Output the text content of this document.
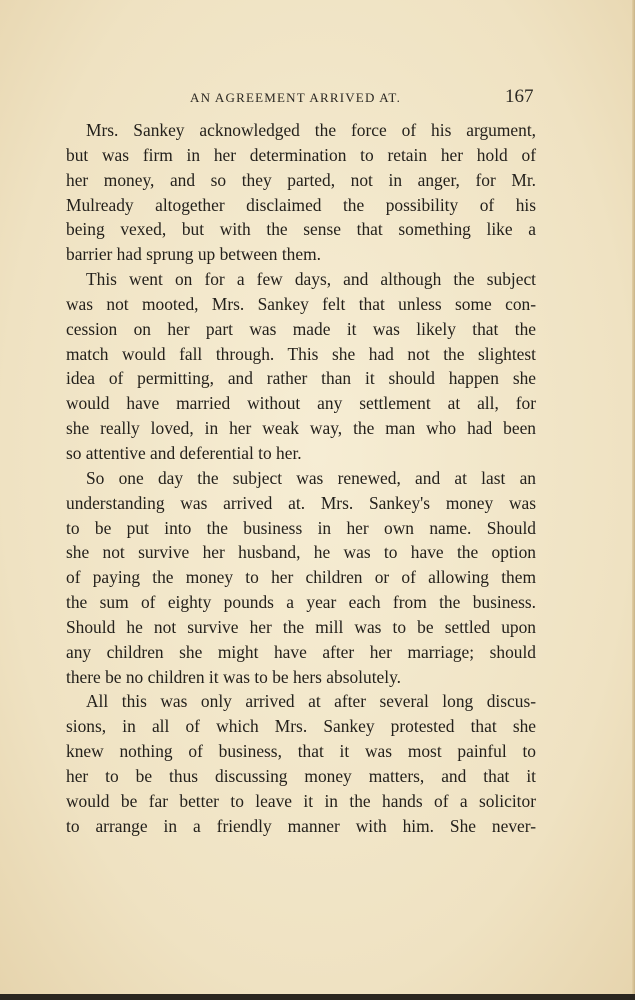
AN AGREEMENT ARRIVED AT.	167
Mrs. Sankey acknowledged the force of his argument,
but was firm in her determination to retain her hold of
her money, and so they parted, not in anger, for Mr.
Mulready altogether disclaimed the possibility of his
being vexed, but with the sense that something like a
barrier had sprung up between them.
This went on for a few days, and although the subject
was not mooted, Mrs. Sankey felt that unless some con-
cession on her part was made it was likely that the
match would fall through. This she had not the slightest
idea of permitting, and rather than it should happen she
would have married without any settlement at all, for
she really loved, in her weak way, the man who had been
so attentive and deferential to her.
So one day the subject was renewed, and at last an
understanding was arrived at. Mrs. Sankey's money was
to be put into the business in her own name. Should
she not survive her husband, he was to have the option
of paying the money to her children or of allowing them
the sum of eighty pounds a year each from the business.
Should he not survive her the mill was to be settled upon
any children she might have after her marriage; should
there be no children it was to be hers absolutely.
All this was only arrived at after several long discus-
sions, in all of which Mrs. Sankey protested that she
knew nothing of business, that it was most painful to
her to be thus discussing money matters, and that it
would be far better to leave it in the hands of a solicitor
to arrange in a friendly manner with him. She never-
